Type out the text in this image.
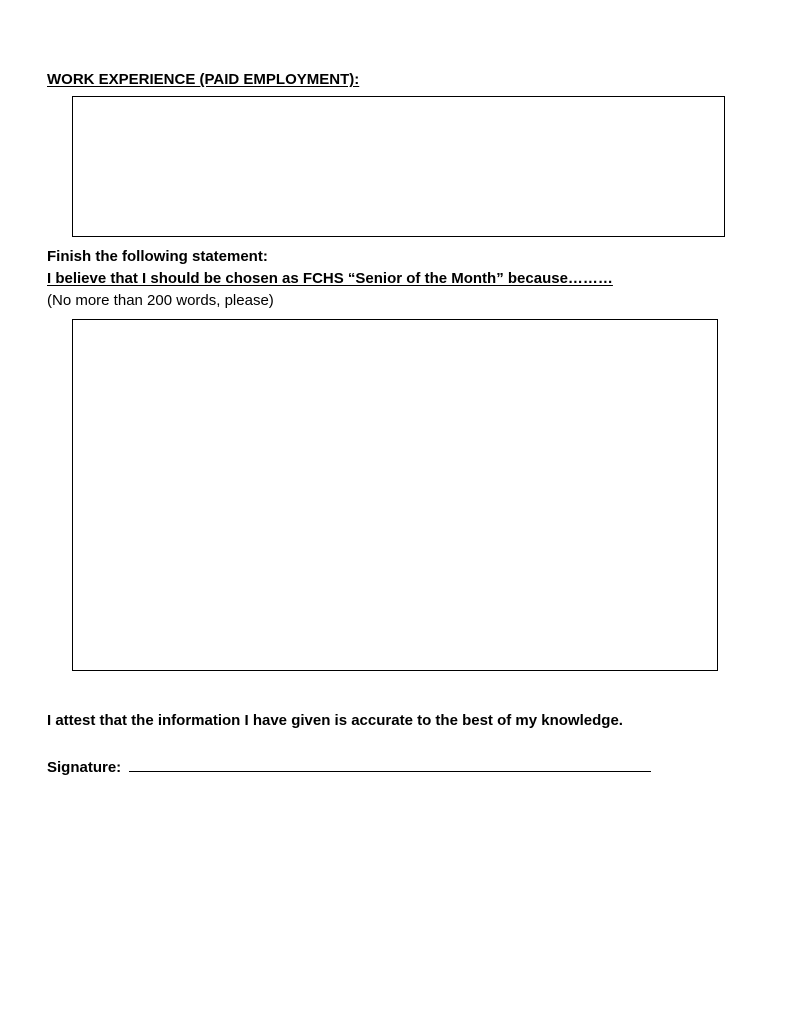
WORK EXPERIENCE (PAID EMPLOYMENT):
Finish the following statement:
I believe that I should be chosen as FCHS “Senior of the Month” because………
(No more than 200 words, please)
I attest that the information I have given is accurate to the best of my knowledge.
Signature:
